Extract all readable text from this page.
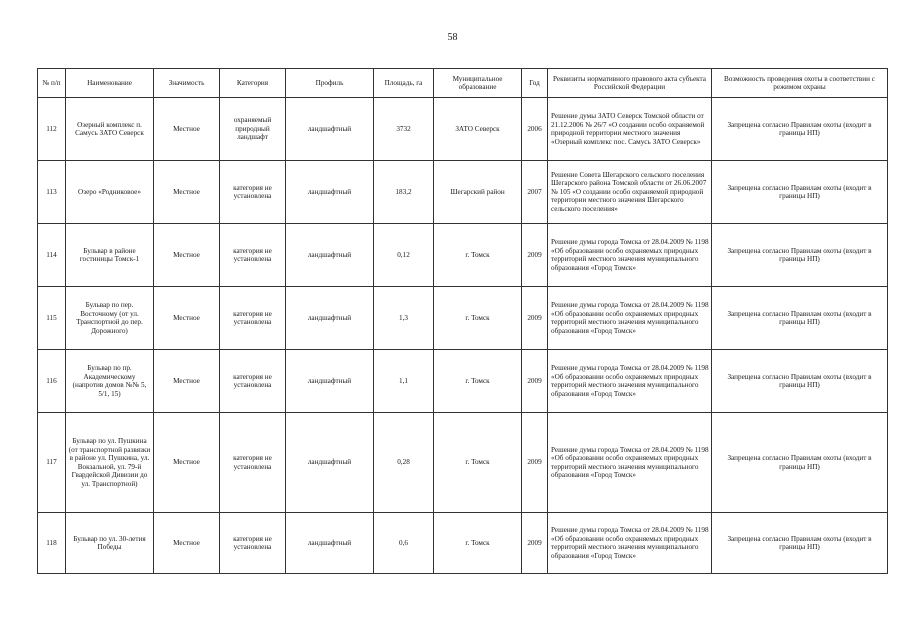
58
№ п/п	Наименование	Значимость	Категория	Профиль	Площадь, га	Муниципальное образование	Год	Реквизиты нормативного правового акта субъекта Российской Федерации	Возможность проведения охоты в соответствии с режимом охраны
112	Озерный комплекс п. Самусь ЗАТО Северск	Местное	охраняемый природный ландшафт	ландшафтный	3732	ЗАТО Северск	2006	Решение думы ЗАТО Северск Томской области от 21.12.2006 № 26/7 «О создании особо охраняемой природной территории местного значения «Озерный комплекс пос. Самусь ЗАТО Северск»	Запрещена согласно Правилам охоты (входит в границы НП)
113	Озеро «Родниковое»	Местное	категория не установлена	ландшафтный	183,2	Шегарский район	2007	Решение Совета Шегарского сельского поселения Шегарского района Томской области от 26.06.2007 № 105 «О создании особо охраняемой природной территории местного значения Шегарского сельского поселения»	Запрещена согласно Правилам охоты (входит в границы НП)
114	Бульвар в районе гостиницы Томск-1	Местное	категория не установлена	ландшафтный	0,12	г. Томск	2009	Решение думы города Томска от 28.04.2009 № 1198 «Об образовании особо охраняемых природных территорий местного значения муниципального образования «Город Томск»	Запрещена согласно Правилам охоты (входит в границы НП)
115	Бульвар по пер. Восточному (от ул. Транспортной до пер. Дорожного)	Местное	категория не установлена	ландшафтный	1,3	г. Томск	2009	Решение думы города Томска от 28.04.2009 № 1198 «Об образовании особо охраняемых природных территорий местного значения муниципального образования «Город Томск»	Запрещена согласно Правилам охоты (входит в границы НП)
116	Бульвар по пр. Академическому (напротив домов №№ 5, 5/1, 15)	Местное	категория не установлена	ландшафтный	1,1	г. Томск	2009	Решение думы города Томска от 28.04.2009 № 1198 «Об образовании особо охраняемых природных территорий местного значения муниципального образования «Город Томск»	Запрещена согласно Правилам охоты (входит в границы НП)
117	Бульвар по ул. Пушкина (от транспортной развязки в районе ул. Пушкина, ул. Вокзальной, ул. 79-й Гвардейской Дивизии до ул. Транспортной)	Местное	категория не установлена	ландшафтный	0,28	г. Томск	2009	Решение думы города Томска от 28.04.2009 № 1198 «Об образовании особо охраняемых природных территорий местного значения муниципального образования «Город Томск»	Запрещена согласно Правилам охоты (входит в границы НП)
118	Бульвар по ул. 30-летия Победы	Местное	категория не установлена	ландшафтный	0,6	г. Томск	2009	Решение думы города Томска от 28.04.2009 № 1198 «Об образовании особо охраняемых природных территорий местного значения муниципального образования «Город Томск»	Запрещена согласно Правилам охоты (входит в границы НП)
